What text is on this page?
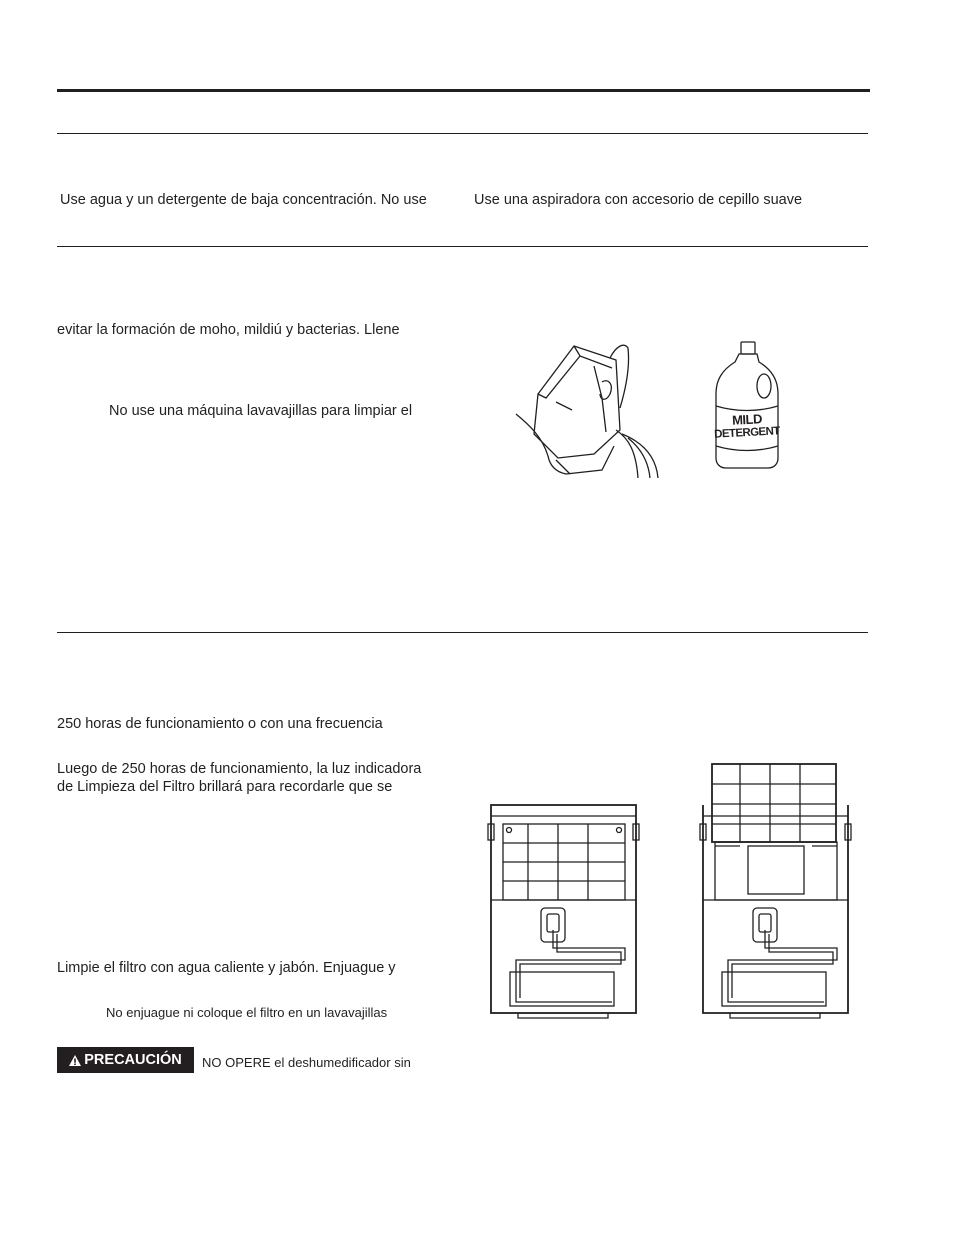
Use agua y un detergente de baja concentración. No use	Use una aspiradora con accesorio de cepillo suave
evitar la formación de moho, mildiú y bacterias. Llene
No use una máquina lavavajillas para limpiar el
MILD
DETERGENT
250 horas de funcionamiento o con una frecuencia
Luego de 250 horas de funcionamiento, la luz indicadora
de Limpieza del Filtro brillará para recordarle que se
Limpie el filtro con agua caliente y jabón. Enjuague y
No enjuague ni coloque el filtro en un lavavajillas
PRECAUCIÓN NO OPERE el deshumedificador sin
